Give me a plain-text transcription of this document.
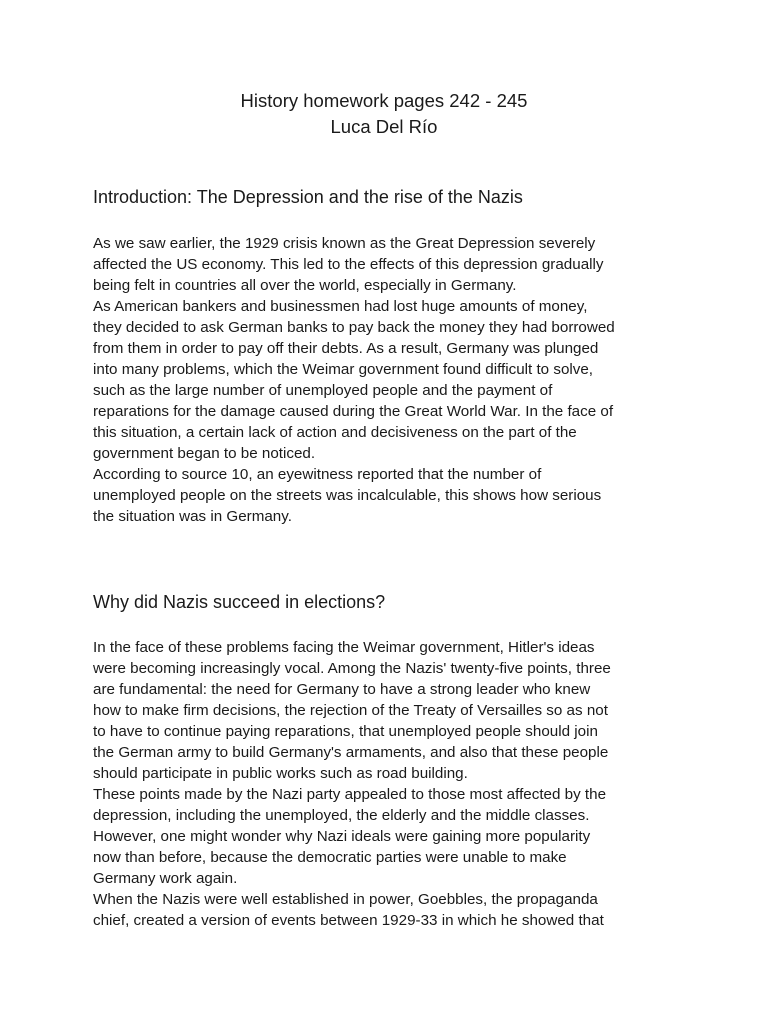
History homework pages 242 - 245
Luca Del Río
Introduction: The Depression and the rise of the Nazis
As we saw earlier, the 1929 crisis known as the Great Depression severely
affected the US economy. This led to the effects of this depression gradually
being felt in countries all over the world, especially in Germany.
As American bankers and businessmen had lost huge amounts of money,
they decided to ask German banks to pay back the money they had borrowed
from them in order to pay off their debts. As a result, Germany was plunged
into many problems, which the Weimar government found difficult to solve,
such as the large number of unemployed people and the payment of
reparations for the damage caused during the Great World War. In the face of
this situation, a certain lack of action and decisiveness on the part of the
government began to be noticed.
According to source 10, an eyewitness reported that the number of
unemployed people on the streets was incalculable, this shows how serious
the situation was in Germany.
Why did Nazis succeed in elections?
In the face of these problems facing the Weimar government, Hitler's ideas
were becoming increasingly vocal. Among the Nazis' twenty-five points, three
are fundamental: the need for Germany to have a strong leader who knew
how to make firm decisions, the rejection of the Treaty of Versailles so as not
to have to continue paying reparations, that unemployed people should join
the German army to build Germany's armaments, and also that these people
should participate in public works such as road building.
These points made by the Nazi party appealed to those most affected by the
depression, including the unemployed, the elderly and the middle classes.
However, one might wonder why Nazi ideals were gaining more popularity
now than before, because the democratic parties were unable to make
Germany work again.
When the Nazis were well established in power, Goebbles, the propaganda
chief, created a version of events between 1929-33 in which he showed that
